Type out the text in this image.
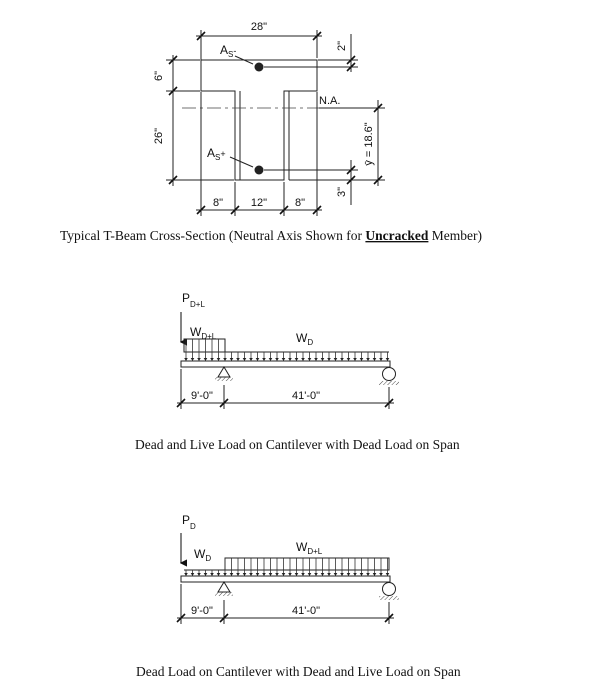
$A_S^-$
$A_S^+$
N.A.
28"
6"
26"
2"
ȳ = 18.6"
3"
8"	12"	8"
Typical T-Beam Cross-Section (Neutral Axis Shown for Uncracked Member)
$P_{D+L}$
$W_{D+L}$	$W_D$
9'-0"	41'-0"
Dead and Live Load on Cantilever with Dead Load on Span
$P_D$
$W_D$
$W_{D+L}$
9'-0"	41'-0"
Dead Load on Cantilever with Dead and Live Load on Span
